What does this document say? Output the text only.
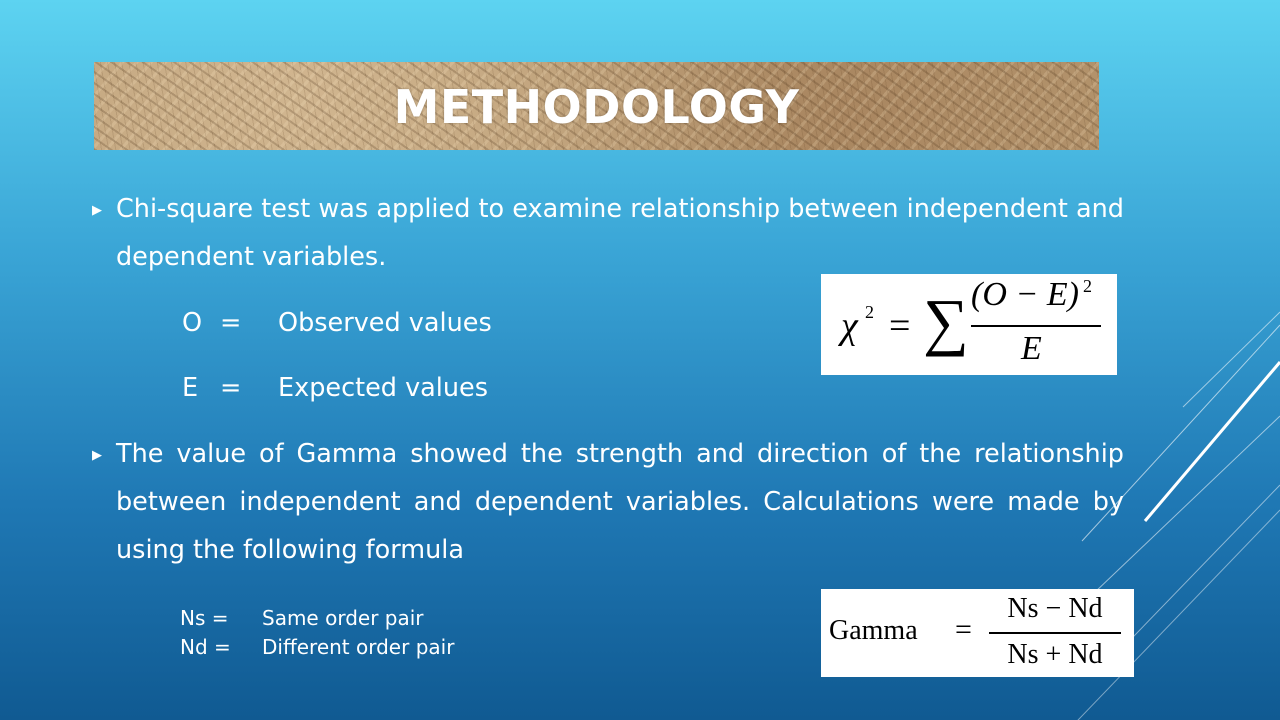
METHODOLOGY
▶ Chi-square test was applied to examine relationship between independent and dependent variables.
O = Observed values
E = Expected values
χ 2 = ∑ (O − E) 2
E
▶ The value of Gamma showed the strength and direction of the relationship between independent and dependent variables. Calculations were made by using the following formula
Ns = Same order pair
Nd = Different order pair
Gamma =
Ns − Nd
Ns + Nd
